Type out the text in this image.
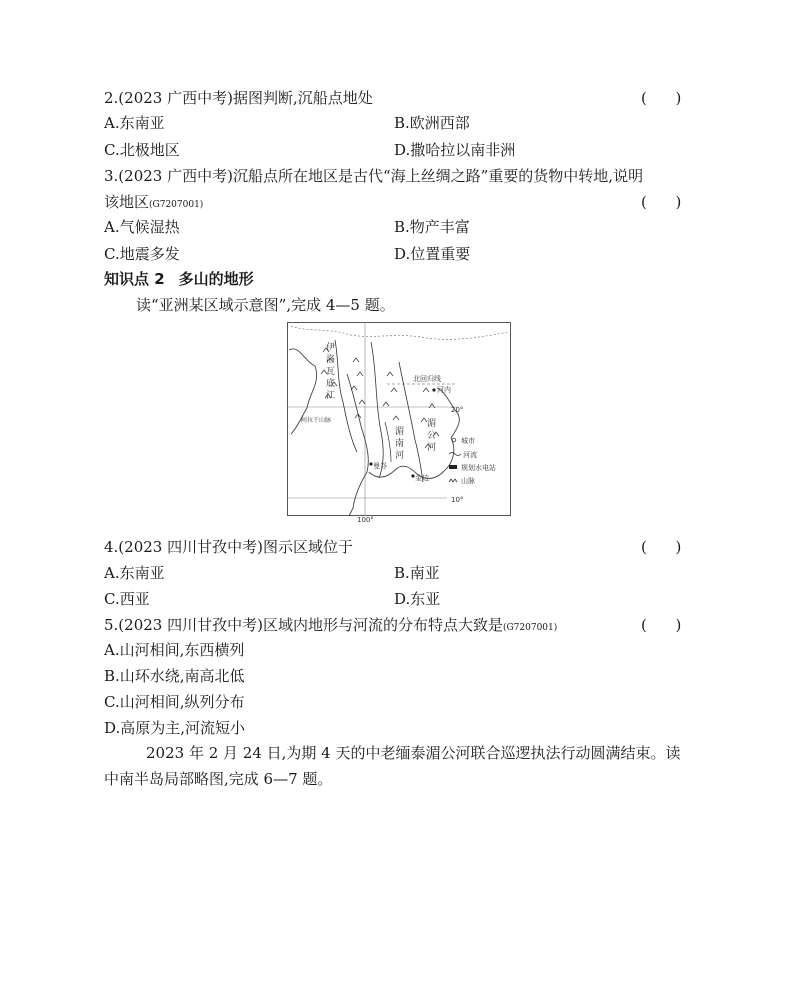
2.(2023 广西中考)据图判断,沉船点地处	(      )
A.东南亚	B.欧洲西部
C.北极地区	D.撒哈拉以南非洲
3.(2023 广西中考)沉船点所在地区是古代“海上丝绸之路”重要的货物中转地,说明
该地区(G7207001)	(      )
A.气候湿热	B.物产丰富
C.地震多发	D.位置重要
知识点 2 多山的地形
读“亚洲某区域示意图”,完成 4—5 题。
伊
洛
瓦
底
江
湄
南
河
湄
公
河
河内
曼谷
金边
阿拉干山脉
北回归线
20°
10°
100°
城市
河流
规划水电站
山脉
4.(2023 四川甘孜中考)图示区域位于	(      )
A.东南亚	B.南亚
C.西亚	D.东亚
5.(2023 四川甘孜中考)区域内地形与河流的分布特点大致是(G7207001)	(      )
A.山河相间,东西横列
B.山环水绕,南高北低
C.山河相间,纵列分布
D.高原为主,河流短小
2023 年 2 月 24 日,为期 4 天的中老缅泰湄公河联合巡逻执法行动圆满结束。读
中南半岛局部略图,完成 6—7 题。
